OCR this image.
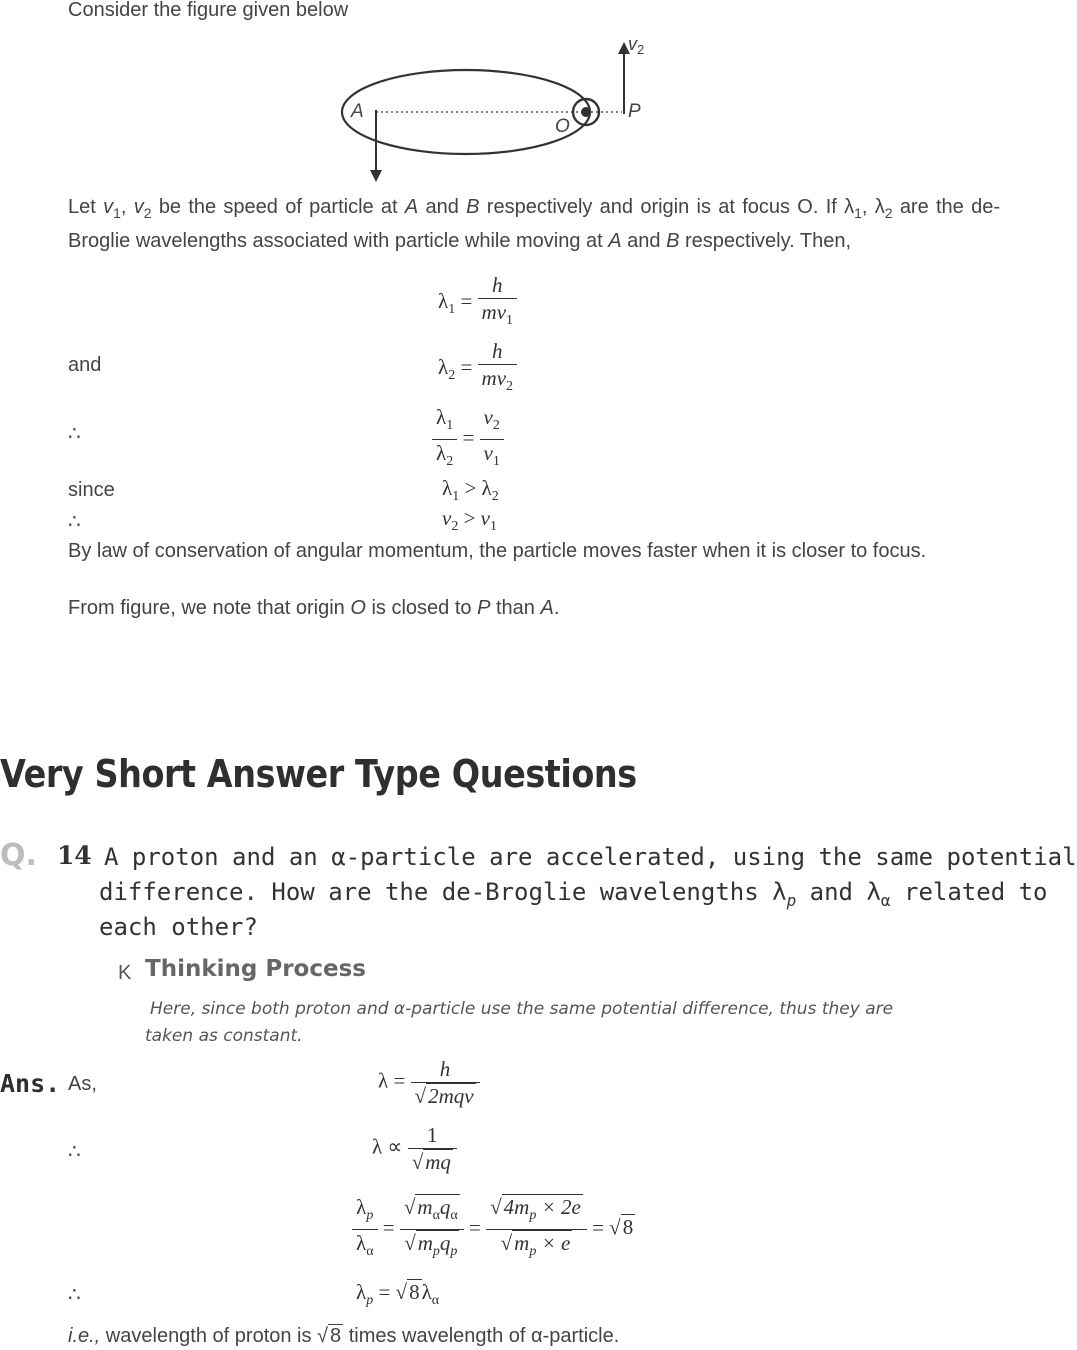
Consider the figure given below
A
O
P
$v_2$
Let $v_1$, $v_2$ be the speed of particle at A and B respectively and origin is at focus O. If $\lambda_1$, $\lambda_2$ are the de-Broglie wavelengths associated with particle while moving at A and B respectively. Then,
$\lambda_1 = \frac{h}{mv_1}$
and	$\lambda_2 = \frac{h}{mv_2}$
∴	$\frac{\lambda_1}{\lambda_2} = \frac{v_2}{v_1}$
since	$\lambda_1 > \lambda_2$
∴	$v_2 > v_1$
By law of conservation of angular momentum, the particle moves faster when it is closer to focus.
From figure, we note that origin O is closed to P than A.
Very Short Answer Type Questions
Q. 14 A proton and an α-particle are accelerated, using the same potential
difference. How are the de-Broglie wavelengths $\lambda_p$ and $\lambda_\alpha$ related to
each other?
K Thinking Process
Here, since both proton and α-particle use the same potential difference, thus they are
taken as constant.
Ans. As,	$\lambda = \frac{h}{\text{√2mqv}}$
∴	$\lambda \propto \frac{1}{√mq}$
$\frac{\lambda_p}{\lambda_\alpha} = \frac{√m_\alpha q_\alpha}{√m_pq_p} = \frac{√4m_p \times 2e}{√m_p \times e} = √8$
∴	$\lambda_p = √8\lambda_\alpha$
i.e., wavelength of proton is √ 8 times wavelength of α-particle.
